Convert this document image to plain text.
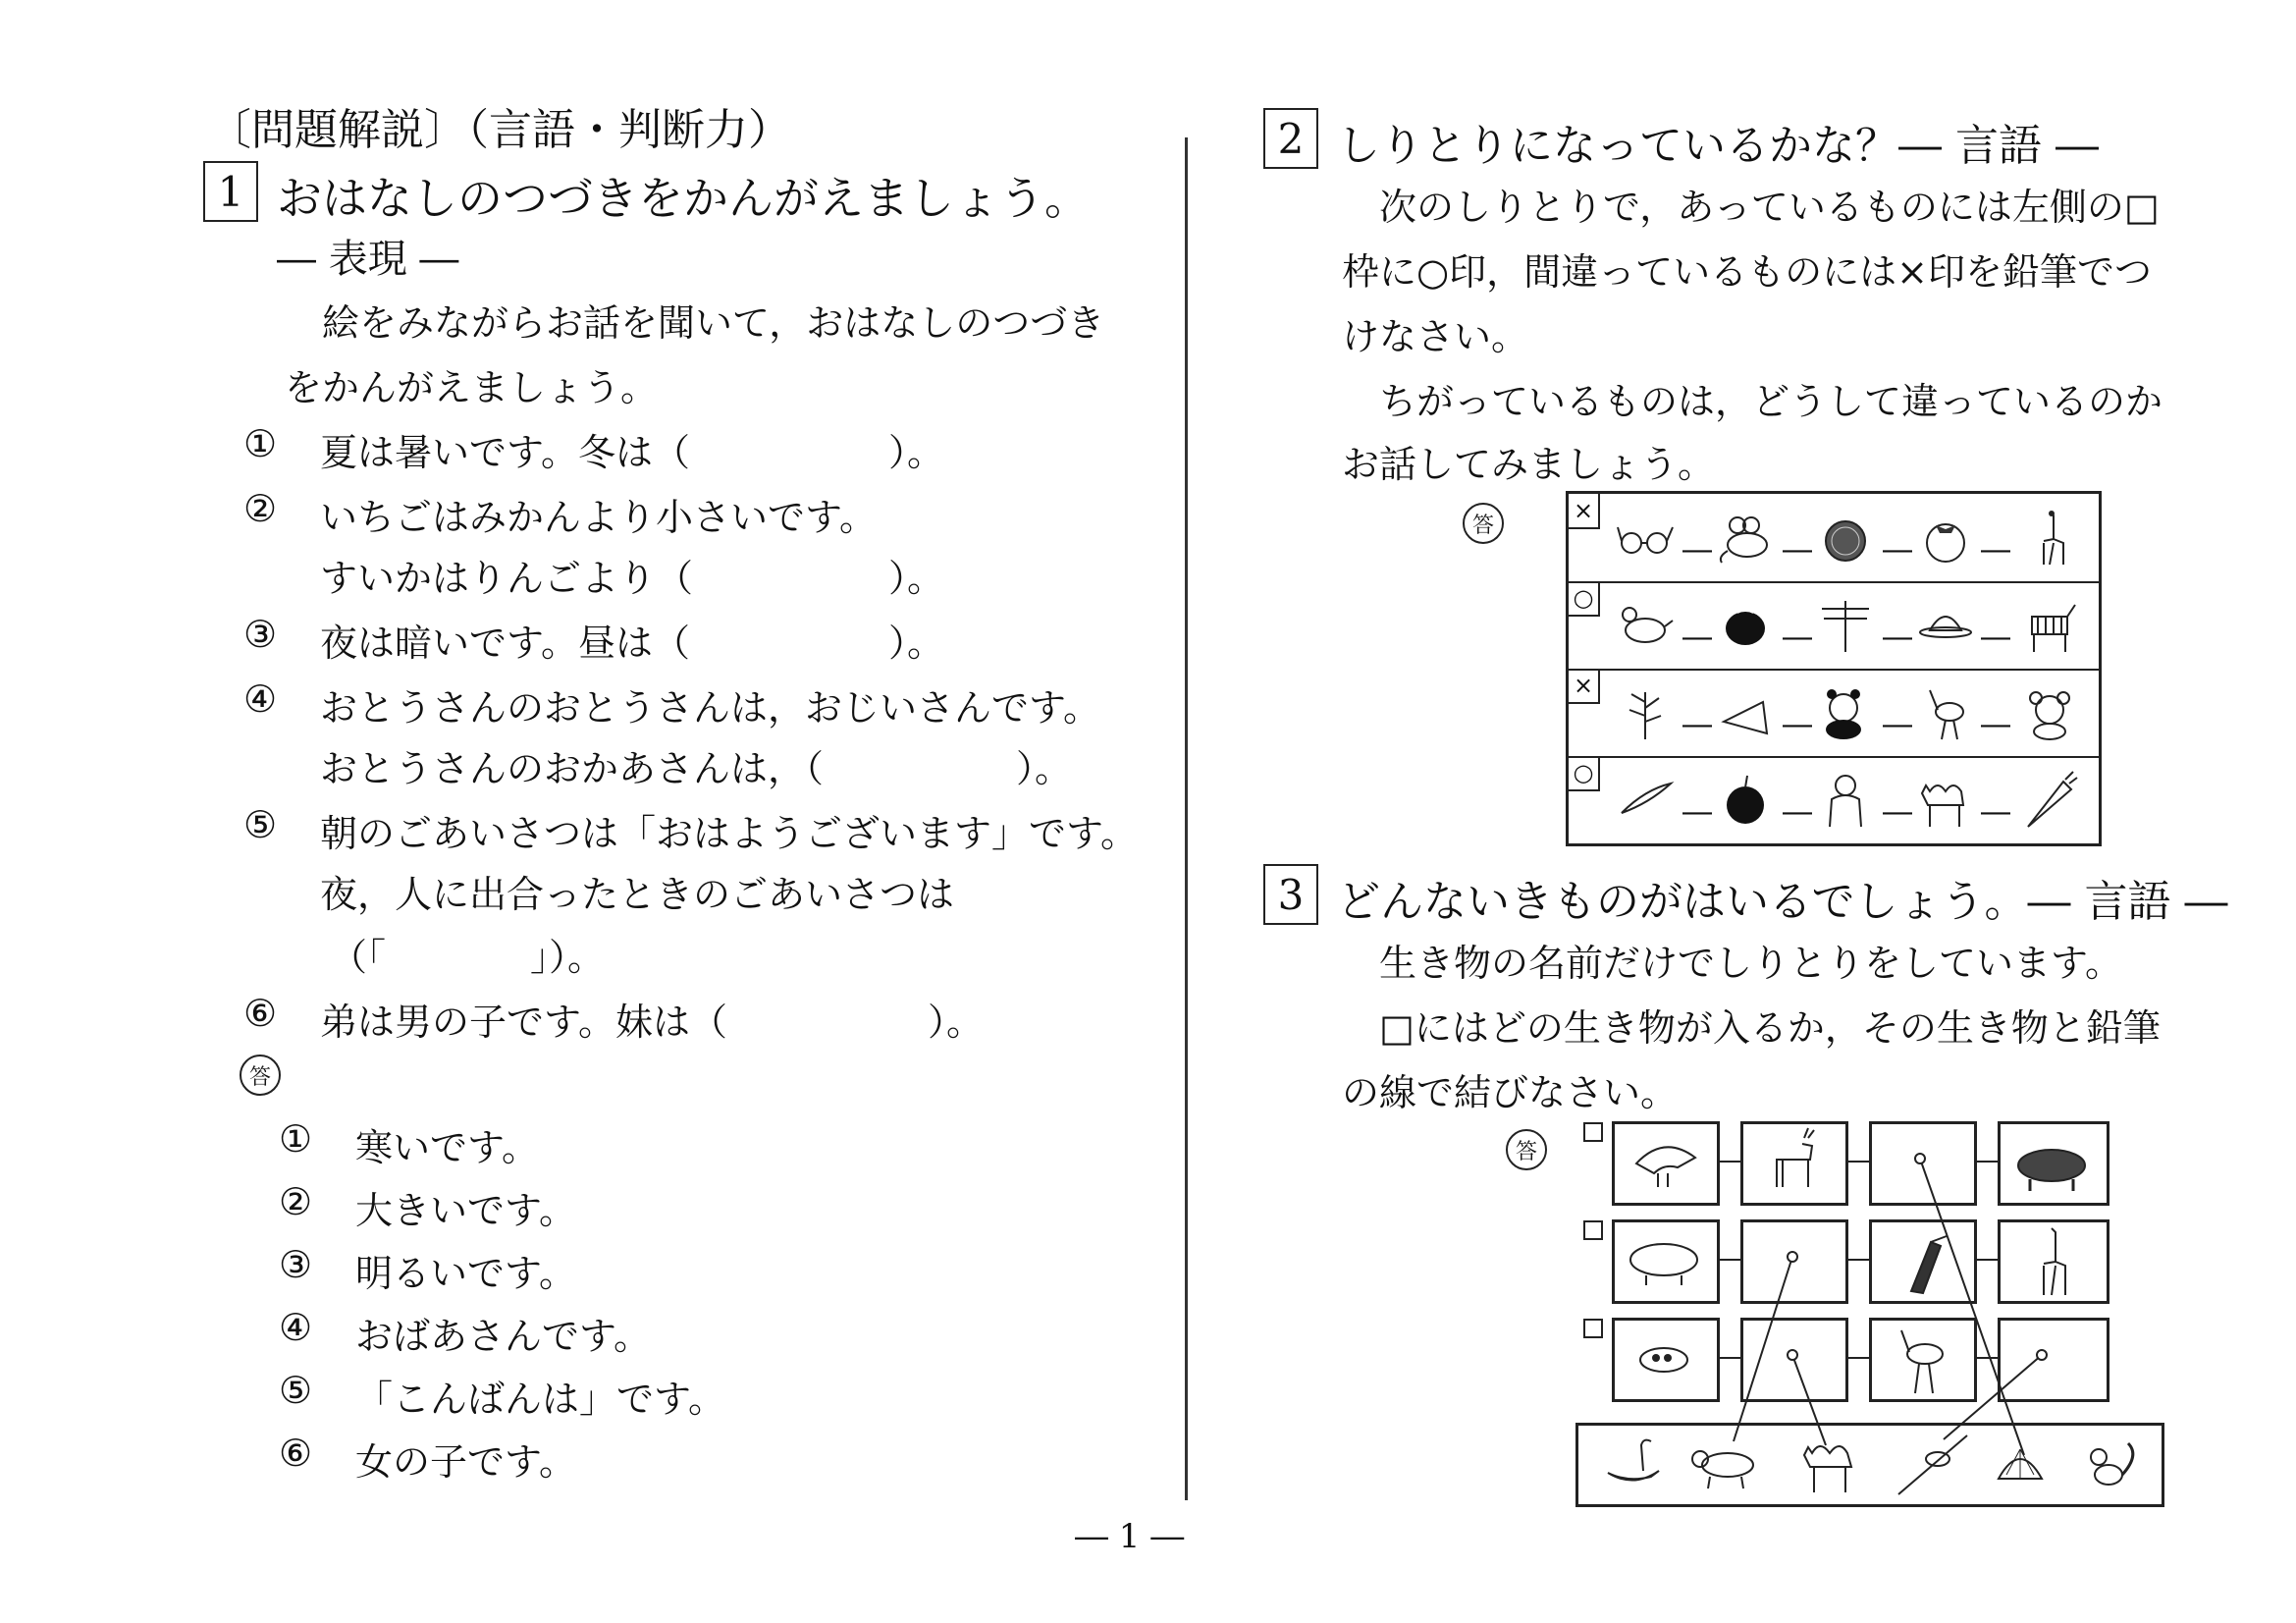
〔問題解説〕（言語・判断力）
1 おはなしのつづきをかんがえましょう。
― 表現 ―
絵をみながらお話を聞いて，おはなしのつづき
をかんがえましょう。
① 夏は暑いです。冬は（	）。
② いちごはみかんより小さいです。
すいかはりんごより（	）。
③ 夜は暗いです。昼は（	）。
④ おとうさんのおとうさんは，おじいさんです。
おとうさんのおかあさんは，（	）。
⑤ 朝のごあいさつは「おはようございます」です。
夜，人に出合ったときのごあいさつは
（「	」）。
⑥ 弟は男の子です。妹は（	）。
答
① 寒いです。
② 大きいです。
③ 明るいです。
④ おばあさんです。
⑤ 「こんばんは」です。
⑥ 女の子です。
― 1 ―
2 しりとりになっているかな？― 言語 ―
次のしりとりで，あっているものには左側の□
枠に○印，間違っているものには×印を鉛筆でつ
けなさい。
ちがっているものは，どうして違っているのか
お話してみましょう。
答
×
― ― ― ―
○
― ― ― ―
×
― ― ― ―
○
― ― ― ―
3 どんないきものがはいるでしょう。― 言語 ―
生き物の名前だけでしりとりをしています。
□にはどの生き物が入るか，その生き物と鉛筆
の線で結びなさい。
答
